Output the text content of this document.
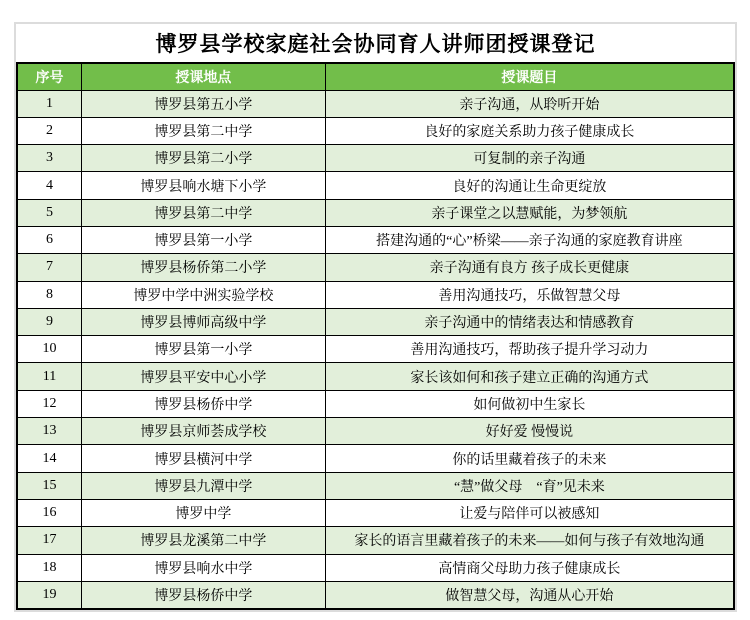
博罗县学校家庭社会协同育人讲师团授课登记
序号	授课地点	授课题目
1	博罗县第五小学	亲子沟通，从聆听开始
2	博罗县第二中学	良好的家庭关系助力孩子健康成长
3	博罗县第二小学	可复制的亲子沟通
4	博罗县响水塘下小学	良好的沟通让生命更绽放
5	博罗县第二中学	亲子课堂之以慧赋能，为梦领航
6	博罗县第一小学	搭建沟通的“心”桥梁——亲子沟通的家庭教育讲座
7	博罗县杨侨第二小学	亲子沟通有良方 孩子成长更健康
8	博罗中学中洲实验学校	善用沟通技巧，乐做智慧父母
9	博罗县博师高级中学	亲子沟通中的情绪表达和情感教育
10	博罗县第一小学	善用沟通技巧，帮助孩子提升学习动力
11	博罗县平安中心小学	家长该如何和孩子建立正确的沟通方式
12	博罗县杨侨中学	如何做初中生家长
13	博罗县京师荟成学校	好好爱 慢慢说
14	博罗县横河中学	你的话里藏着孩子的未来
15	博罗县九潭中学	“慧”做父母　“育”见未来
16	博罗中学	让爱与陪伴可以被感知
17	博罗县龙溪第二中学	家长的语言里藏着孩子的未来——如何与孩子有效地沟通
18	博罗县响水中学	高情商父母助力孩子健康成长
19	博罗县杨侨中学	做智慧父母，沟通从心开始
